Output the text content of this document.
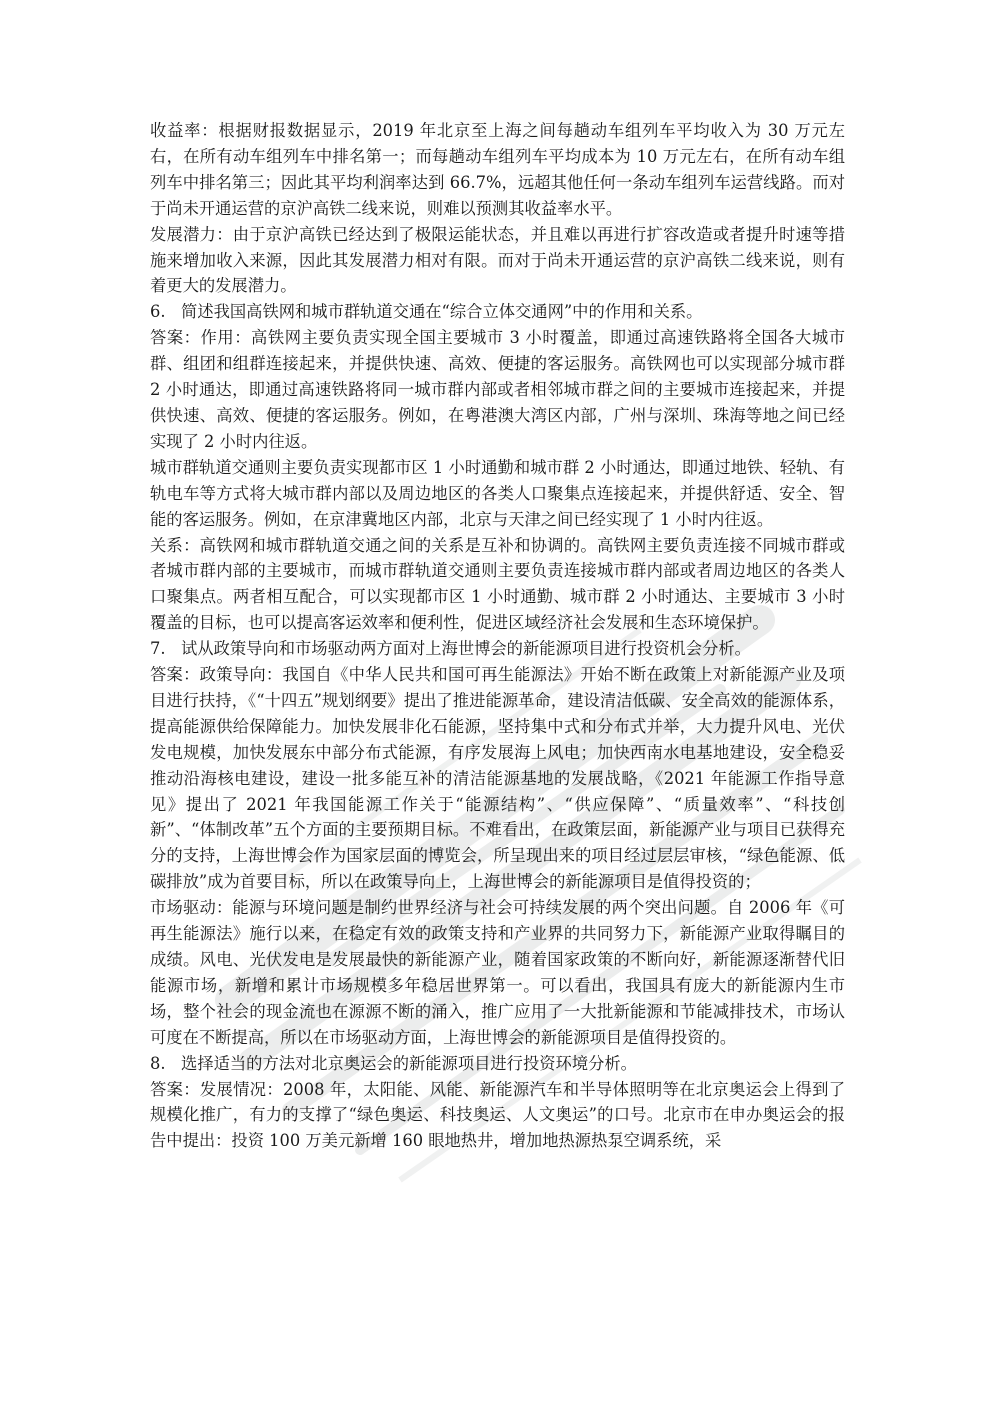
收益率：根据财报数据显示，2019 年北京至上海之间每趟动车组列车平均收入为 30 万元左右，在所有动车组列车中排名第一；而每趟动车组列车平均成本为 10 万元左右，在所有动车组列车中排名第三；因此其平均利润率达到 66.7%，远超其他任何一条动车组列车运营线路。而对于尚未开通运营的京沪高铁二线来说，则难以预测其收益率水平。

发展潜力：由于京沪高铁已经达到了极限运能状态，并且难以再进行扩容改造或者提升时速等措施来增加收入来源，因此其发展潜力相对有限。而对于尚未开通运营的京沪高铁二线来说，则有着更大的发展潜力。

6.   简述我国高铁网和城市群轨道交通在“综合立体交通网”中的作用和关系。

答案：作用：高铁网主要负责实现全国主要城市 3 小时覆盖，即通过高速铁路将全国各大城市群、组团和组群连接起来，并提供快速、高效、便捷的客运服务。高铁网也可以实现部分城市群 2 小时通达，即通过高速铁路将同一城市群内部或者相邻城市群之间的主要城市连接起来，并提供快速、高效、便捷的客运服务。例如，在粤港澳大湾区内部，广州与深圳、珠海等地之间已经实现了 2 小时内往返。

城市群轨道交通则主要负责实现都市区 1 小时通勤和城市群 2 小时通达，即通过地铁、轻轨、有轨电车等方式将大城市群内部以及周边地区的各类人口聚集点连接起来，并提供舒适、安全、智能的客运服务。例如，在京津冀地区内部，北京与天津之间已经实现了 1 小时内往返。

关系：高铁网和城市群轨道交通之间的关系是互补和协调的。高铁网主要负责连接不同城市群或者城市群内部的主要城市，而城市群轨道交通则主要负责连接城市群内部或者周边地区的各类人口聚集点。两者相互配合，可以实现都市区 1 小时通勤、城市群 2 小时通达、主要城市 3 小时覆盖的目标，也可以提高客运效率和便利性，促进区域经济社会发展和生态环境保护。

7.   试从政策导向和市场驱动两方面对上海世博会的新能源项目进行投资机会分析。

答案：政策导向：我国自《中华人民共和国可再生能源法》开始不断在政策上对新能源产业及项目进行扶持，《“十四五”规划纲要》提出了推进能源革命，建设清洁低碳、安全高效的能源体系，提高能源供给保障能力。加快发展非化石能源，坚持集中式和分布式并举，大力提升风电、光伏发电规模，加快发展东中部分布式能源，有序发展海上风电；加快西南水电基地建设，安全稳妥推动沿海核电建设，建设一批多能互补的清洁能源基地的发展战略，《2021 年能源工作指导意见》提出了 2021 年我国能源工作关于“能源结构”、“供应保障”、“质量效率”、“科技创新”、“体制改革”五个方面的主要预期目标。不难看出，在政策层面，新能源产业与项目已获得充分的支持，上海世博会作为国家层面的博览会，所呈现出来的项目经过层层审核，“绿色能源、低碳排放”成为首要目标，所以在政策导向上，上海世博会的新能源项目是值得投资的；

市场驱动：能源与环境问题是制约世界经济与社会可持续发展的两个突出问题。自 2006 年《可再生能源法》施行以来，在稳定有效的政策支持和产业界的共同努力下，新能源产业取得瞩目的成绩。风电、光伏发电是发展最快的新能源产业，随着国家政策的不断向好，新能源逐渐替代旧能源市场，新增和累计市场规模多年稳居世界第一。可以看出，我国具有庞大的新能源内生市场，整个社会的现金流也在源源不断的涌入，推广应用了一大批新能源和节能减排技术，市场认可度在不断提高，所以在市场驱动方面，上海世博会的新能源项目是值得投资的。

8.   选择适当的方法对北京奥运会的新能源项目进行投资环境分析。

答案：发展情况：2008 年，太阳能、风能、新能源汽车和半导体照明等在北京奥运会上得到了规模化推广，有力的支撑了“绿色奥运、科技奥运、人文奥运”的口号。北京市在申办奥运会的报告中提出：投资 100 万美元新增 160 眼地热井，增加地热源热泵空调系统，采
